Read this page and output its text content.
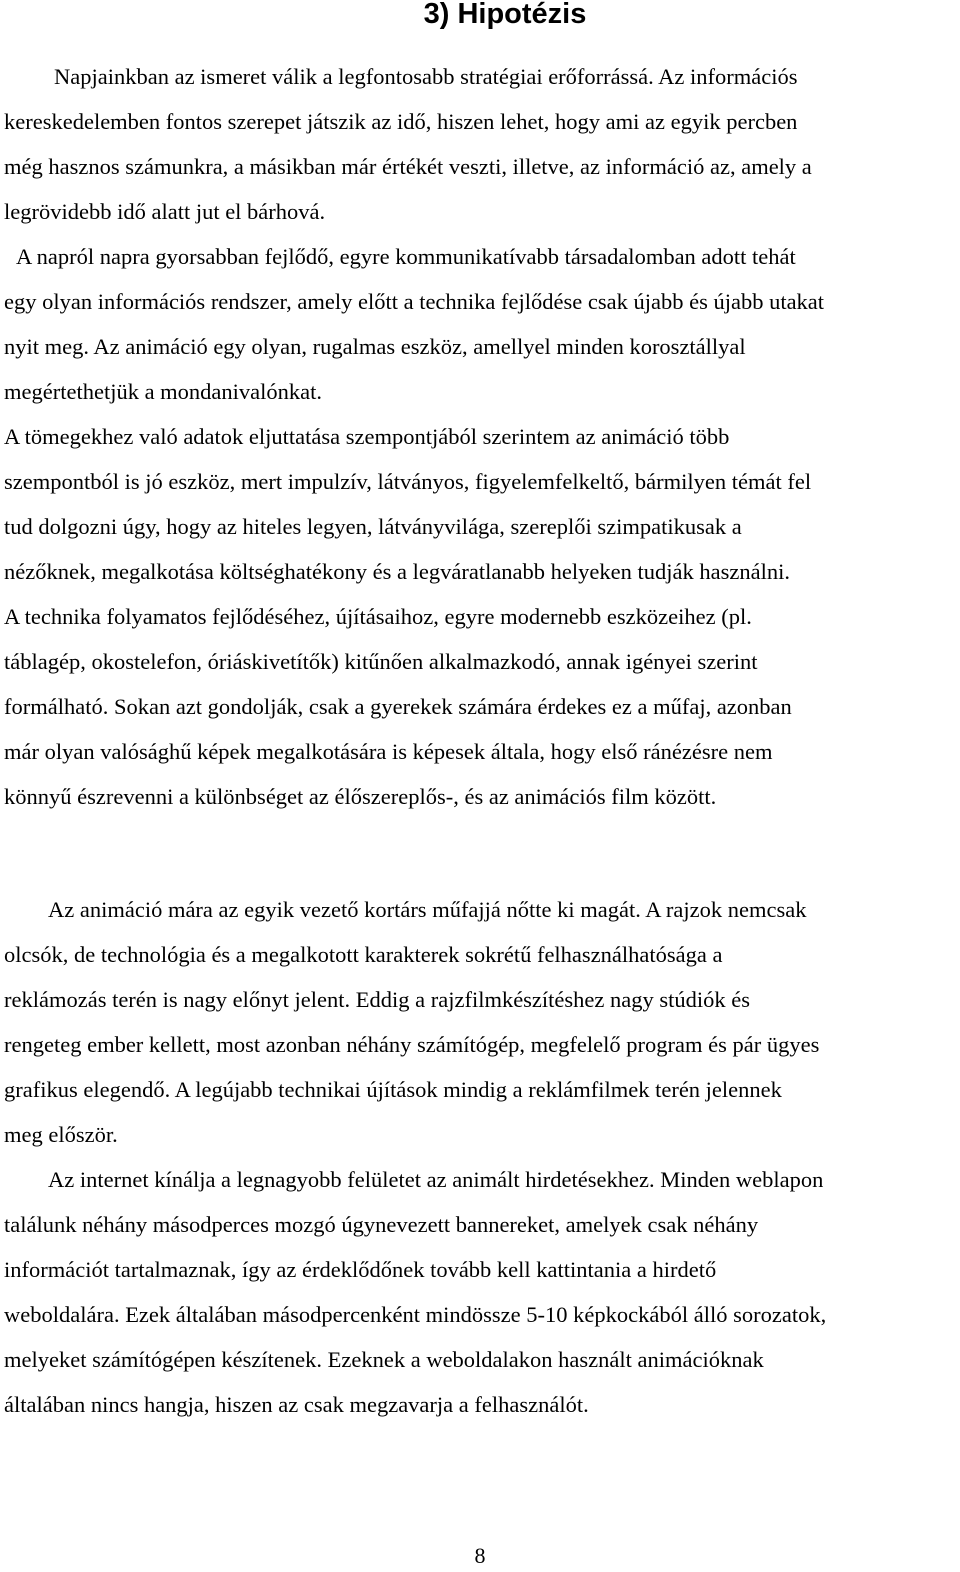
3) Hipotézis

Napjainkban az ismeret válik a legfontosabb stratégiai erőforrássá. Az információs

kereskedelemben fontos szerepet játszik az idő, hiszen lehet, hogy ami az egyik percben

még hasznos számunkra, a másikban már értékét veszti, illetve, az információ az, amely a

legrövidebb idő alatt jut el bárhová.

A napról napra gyorsabban fejlődő, egyre kommunikatívabb társadalomban adott tehát

egy olyan információs rendszer, amely előtt a technika fejlődése csak újabb és újabb utakat

nyit meg. Az animáció egy olyan, rugalmas eszköz, amellyel minden korosztállyal

megértethetjük a mondanivalónkat.

A tömegekhez való adatok eljuttatása szempontjából szerintem az animáció több

szempontból is jó eszköz, mert impulzív, látványos, figyelemfelkeltő, bármilyen témát fel

tud dolgozni úgy, hogy az hiteles legyen, látványvilága, szereplői szimpatikusak a

nézőknek, megalkotása költséghatékony és a legváratlanabb helyeken tudják használni.

A technika folyamatos fejlődéséhez, újításaihoz, egyre modernebb eszközeihez (pl.

táblagép, okostelefon, óriáskivetítők) kitűnően alkalmazkodó, annak igényei szerint

formálható. Sokan azt gondolják, csak a gyerekek számára érdekes ez a műfaj, azonban

már olyan valósághű képek megalkotására is képesek általa, hogy első ránézésre nem

könnyű észrevenni a különbséget az élőszereplős-, és az animációs film között.

Az animáció mára az egyik vezető kortárs műfajjá nőtte ki magát. A rajzok nemcsak

olcsók, de technológia és a megalkotott karakterek sokrétű felhasználhatósága a

reklámozás terén is nagy előnyt jelent. Eddig a rajzfilmkészítéshez nagy stúdiók és

rengeteg ember kellett, most azonban néhány számítógép, megfelelő program és pár ügyes

grafikus elegendő. A legújabb technikai újítások mindig a reklámfilmek terén jelennek

meg először.

Az internet kínálja a legnagyobb felületet az animált hirdetésekhez. Minden weblapon

találunk néhány másodperces mozgó úgynevezett bannereket, amelyek csak néhány

információt tartalmaznak, így az érdeklődőnek tovább kell kattintania a hirdető

weboldalára. Ezek általában másodpercenként mindössze 5-10 képkockából álló sorozatok,

melyeket számítógépen készítenek. Ezeknek a weboldalakon használt animációknak

általában nincs hangja, hiszen az csak megzavarja a felhasználót.

8
